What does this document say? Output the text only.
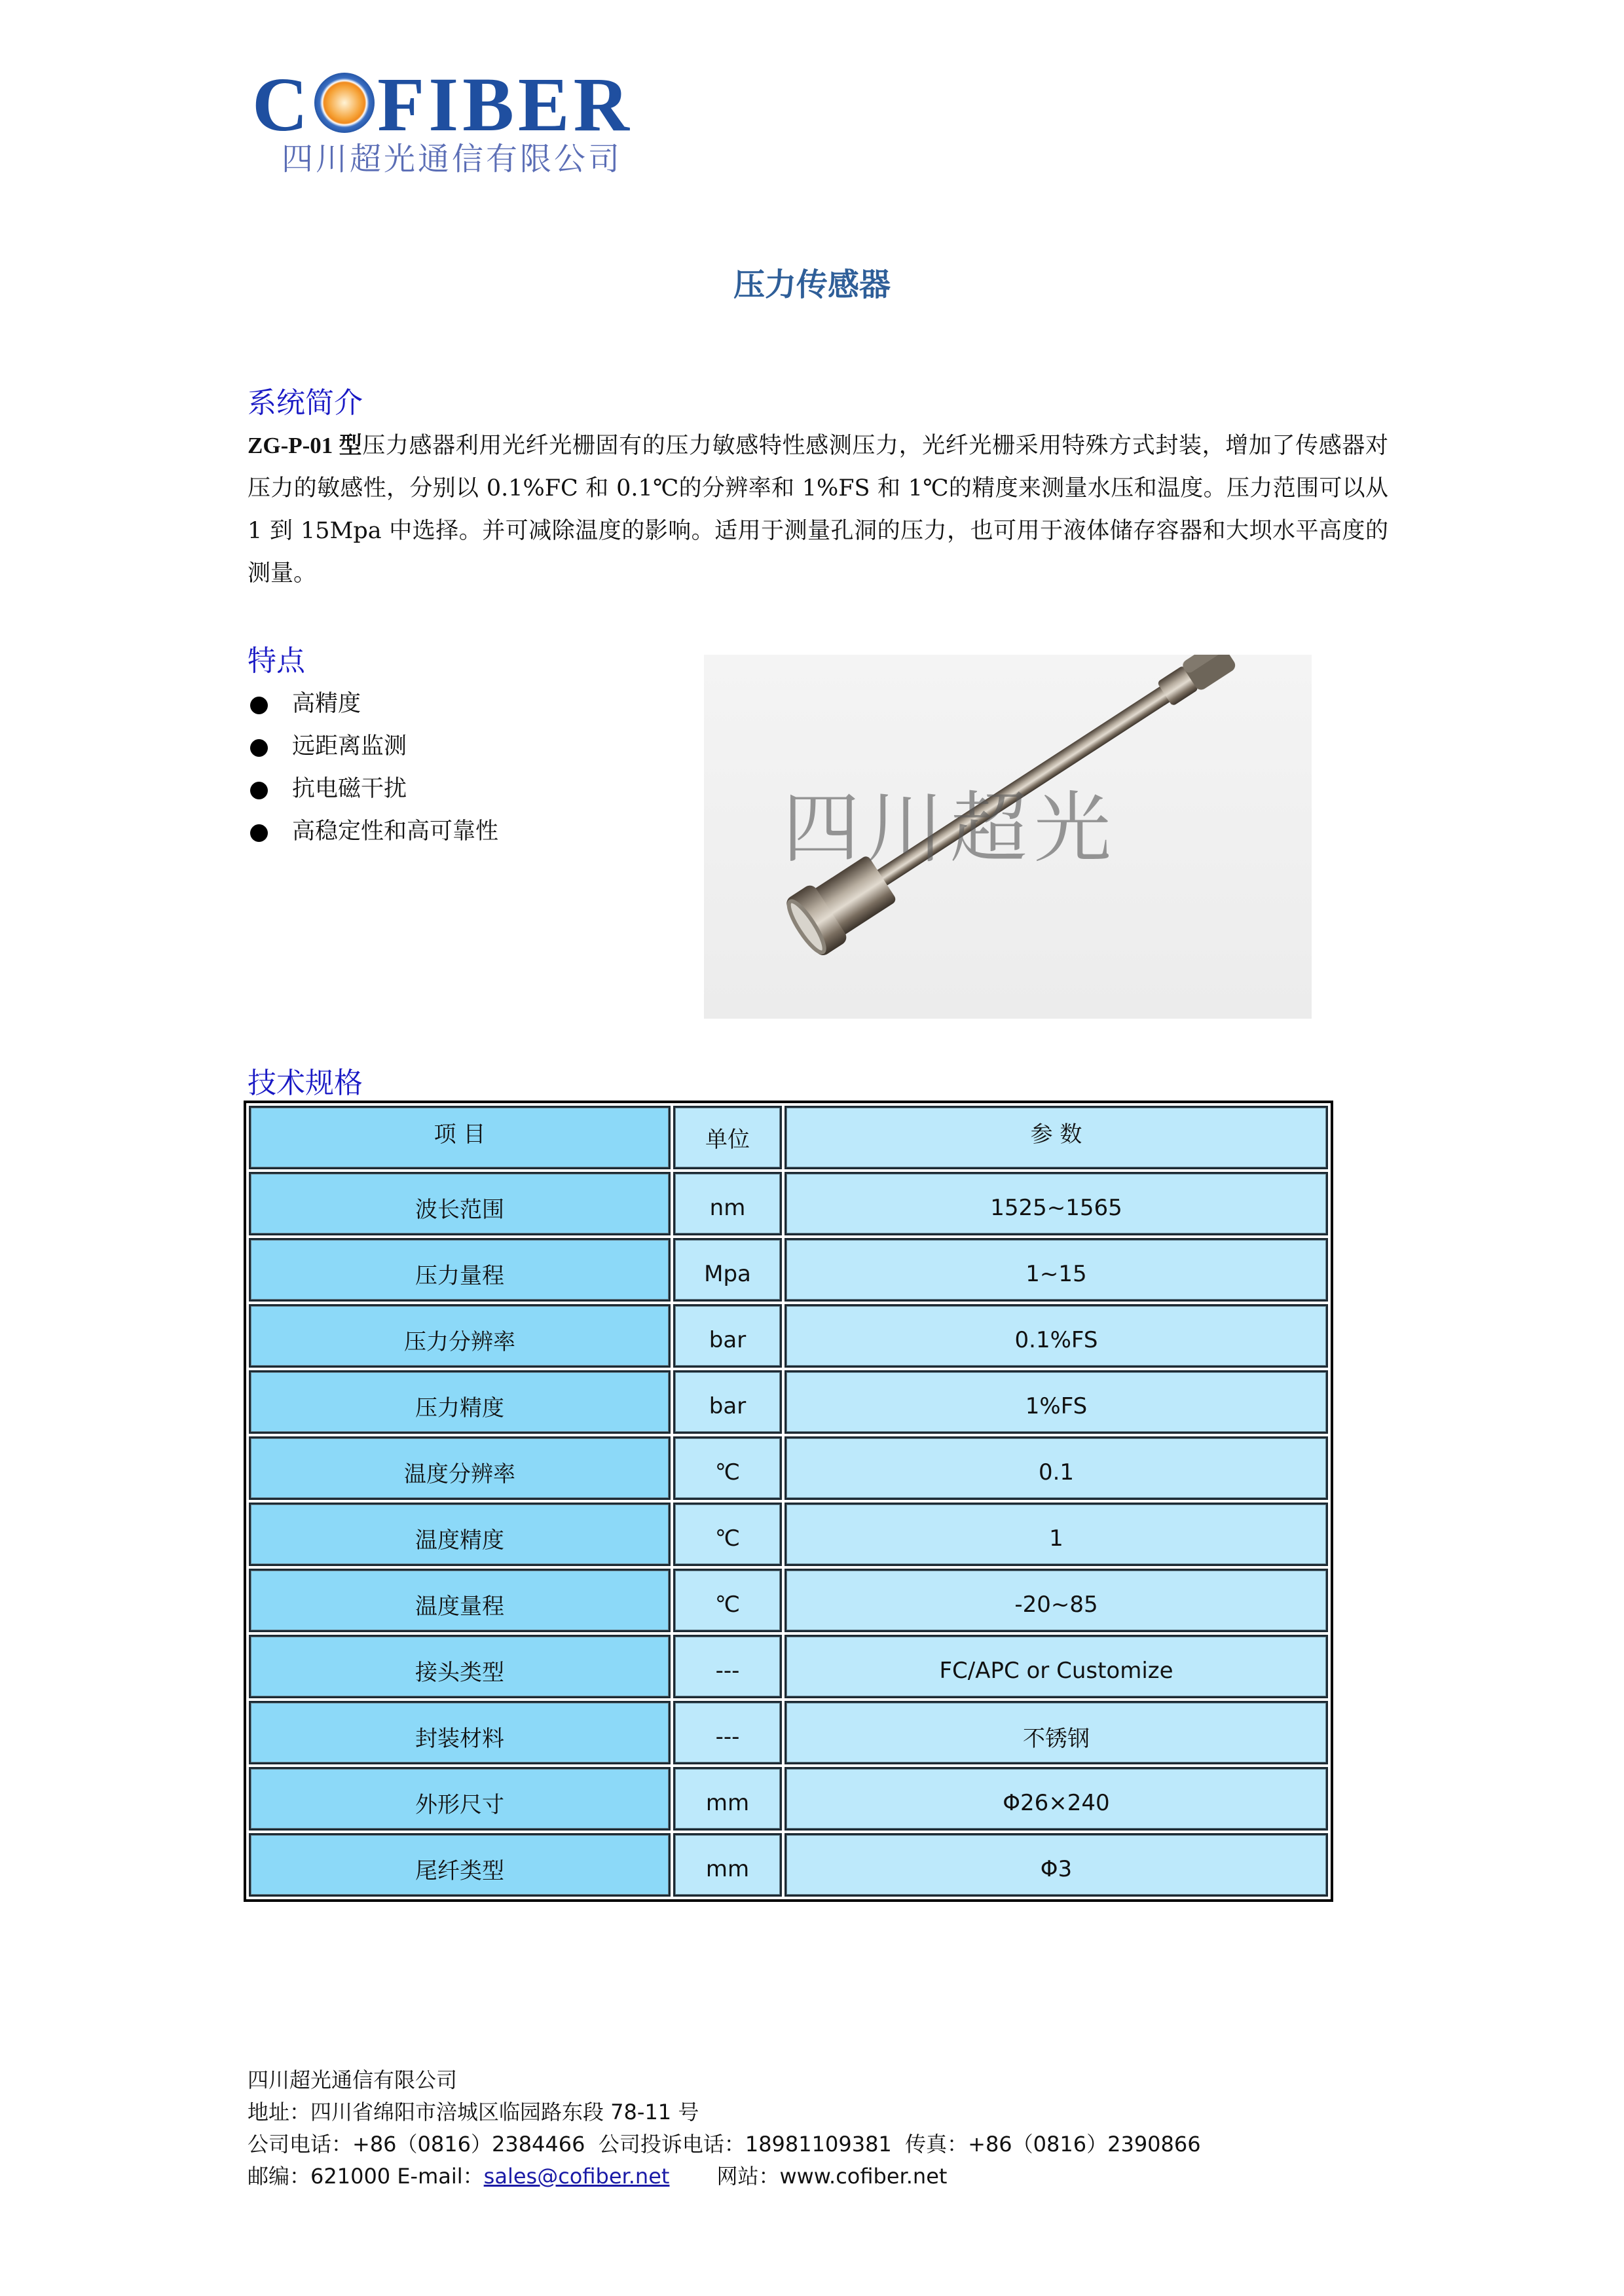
C FIBER
四川超光通信有限公司
压力传感器
系统简介
ZG-P-01 型压力感器利用光纤光栅固有的压力敏感特性感测压力，光纤光栅采用特殊方式封装，增加了传感器对压力的敏感性，分别以 0.1%FC 和 0.1℃的分辨率和 1%FS 和 1℃的精度来测量水压和温度。压力范围可以从 1 到 15Mpa 中选择。并可减除温度的影响。适用于测量孔洞的压力，也可用于液体储存容器和大坝水平高度的测量。
特点
高精度
远距离监测
抗电磁干扰
高稳定性和高可靠性	四川超光
技术规格
项 目	单位	参 数
波长范围	nm	1525~1565
压力量程	Mpa	1~15
压力分辨率	bar	0.1%FS
压力精度	bar	1%FS
温度分辨率	℃	0.1
温度精度	℃	1
温度量程	℃	-20~85
接头类型	---	FC/APC or Customize
封装材料	---	不锈钢
外形尺寸	mm	Φ26×240
尾纤类型	mm	Φ3
四川超光通信有限公司
地址：四川省绵阳市涪城区临园路东段 78-11 号
公司电话：+86（0816）2384466  公司投诉电话：18981109381  传真：+86（0816）2390866
邮编：621000 E-mail：sales@cofiber.net 网站：www.cofiber.net
